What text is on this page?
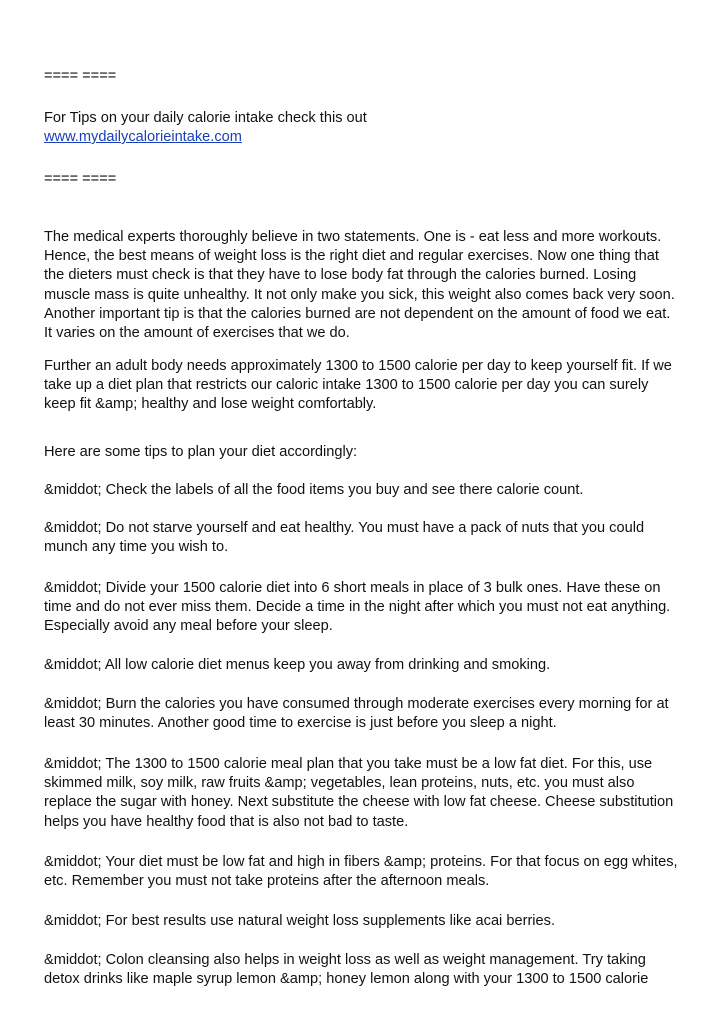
==== ====
For Tips on your daily calorie intake check this out
www.mydailycalorieintake.com
==== ====
The medical experts thoroughly believe in two statements. One is - eat less and more workouts.
Hence, the best means of weight loss is the right diet and regular exercises. Now one thing that
the dieters must check is that they have to lose body fat through the calories burned. Losing
muscle mass is quite unhealthy. It not only make you sick, this weight also comes back very soon.
Another important tip is that the calories burned are not dependent on the amount of food we eat.
It varies on the amount of exercises that we do.
Further an adult body needs approximately 1300 to 1500 calorie per day to keep yourself fit. If we
take up a diet plan that restricts our caloric intake 1300 to 1500 calorie per day you can surely
keep fit &amp; healthy and lose weight comfortably.
Here are some tips to plan your diet accordingly:
&middot; Check the labels of all the food items you buy and see there calorie count.
&middot; Do not starve yourself and eat healthy. You must have a pack of nuts that you could
munch any time you wish to.
&middot; Divide your 1500 calorie diet into 6 short meals in place of 3 bulk ones. Have these on
time and do not ever miss them. Decide a time in the night after which you must not eat anything.
Especially avoid any meal before your sleep.
&middot; All low calorie diet menus keep you away from drinking and smoking.
&middot; Burn the calories you have consumed through moderate exercises every morning for at
least 30 minutes. Another good time to exercise is just before you sleep a night.
&middot; The 1300 to 1500 calorie meal plan that you take must be a low fat diet. For this, use
skimmed milk, soy milk, raw fruits &amp; vegetables, lean proteins, nuts, etc. you must also
replace the sugar with honey. Next substitute the cheese with low fat cheese. Cheese substitution
helps you have healthy food that is also not bad to taste.
&middot; Your diet must be low fat and high in fibers &amp; proteins. For that focus on egg whites,
etc. Remember you must not take proteins after the afternoon meals.
&middot; For best results use natural weight loss supplements like acai berries.
&middot; Colon cleansing also helps in weight loss as well as weight management. Try taking
detox drinks like maple syrup lemon &amp; honey lemon along with your 1300 to 1500 calorie
